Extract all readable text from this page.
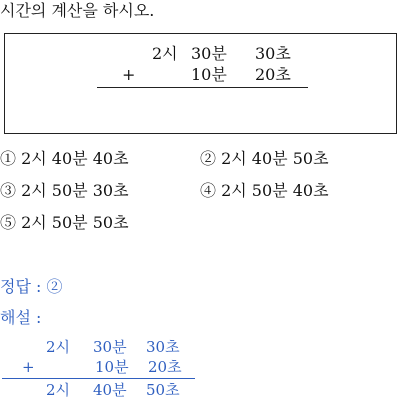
시간의 계산을 하시오.
2시 30분 30초
+	10분 20초
① 2시 40분 40초	② 2시 40분 50초
③ 2시 50분 30초	④ 2시 50분 40초
⑤ 2시 50분 50초
정답 : ②
해설 :
2시 30분 30초
+	10분 20초
2시 40분 50초
